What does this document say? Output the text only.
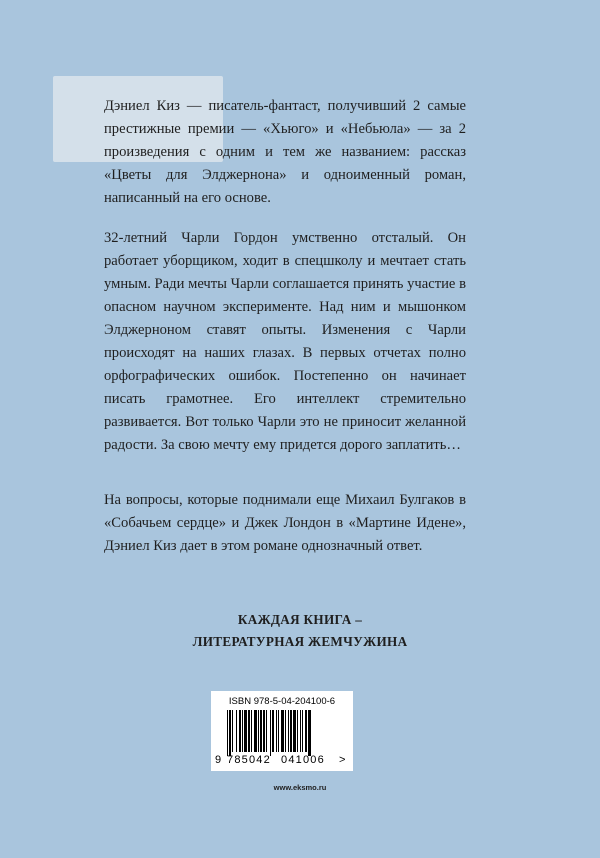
Дэниел Киз — писатель-фантаст, получивший 2 самые престижные премии — «Хьюго» и «Небьюла» — за 2 произведения с одним и тем же названием: рассказ «Цветы для Элджернона» и одноименный роман, написанный на его основе.

32-летний Чарли Гордон умственно отсталый. Он работает уборщиком, ходит в спецшколу и мечтает стать умным. Ради мечты Чарли соглашается принять участие в опасном научном эксперименте. Над ним и мышонком Элджерноном ставят опыты. Изменения с Чарли происходят на наших глазах. В первых отчетах полно орфографических ошибок. Постепенно он начинает писать грамотнее. Его интеллект стремительно развивается. Вот только Чарли это не приносит желанной радости. За свою мечту ему придется дорого заплатить…

На вопросы, которые поднимали еще Михаил Булгаков в «Собачьем сердце» и Джек Лондон в «Мартине Идене», Дэниел Киз дает в этом романе однозначный ответ.

КАЖДАЯ КНИГА –
ЛИТЕРАТУРНАЯ ЖЕМЧУЖИНА
ISBN 978-5-04-204100-6
9 785042 041006 >
www.eksmo.ru
